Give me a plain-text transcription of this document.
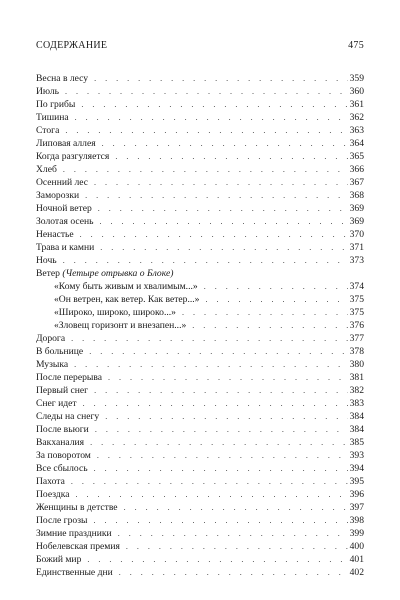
СОДЕРЖАНИЕ	475
Весна в лесу . . .	359
Июль . . .	360
По грибы . . .	361
Тишина . . .	362
Стога . . .	363
Липовая аллея . . .	364
Когда разгуляется . . .	365
Хлеб . . .	366
Осенний лес . . .	367
Заморозки . . .	368
Ночной ветер . . .	369
Золотая осень . . .	369
Ненастье . . .	370
Трава и камни . . .	371
Ночь . . .	373
Ветер (Четыре отрывка о Блоке)
«Кому быть живым и хвалимым...» . . .	374
«Он ветрен, как ветер. Как ветер...» . . .	375
«Широко, широко, широко...» . . .	375
«Зловещ горизонт и внезапен...» . . .	376
Дорога . . .	377
В больнице . . .	378
Музыка . . .	380
После перерыва . . .	381
Первый снег . . .	382
Снег идет . . .	383
Следы на снегу . . .	384
После вьюги . . .	384
Вакханалия . . .	385
За поворотом . . .	393
Все сбылось . . .	394
Пахота . . .	395
Поездка . . .	396
Женщины в детстве . . .	397
После грозы . . .	398
Зимние праздники . . .	399
Нобелевская премия . . .	400
Божий мир . . .	401
Единственные дни . . .	402
